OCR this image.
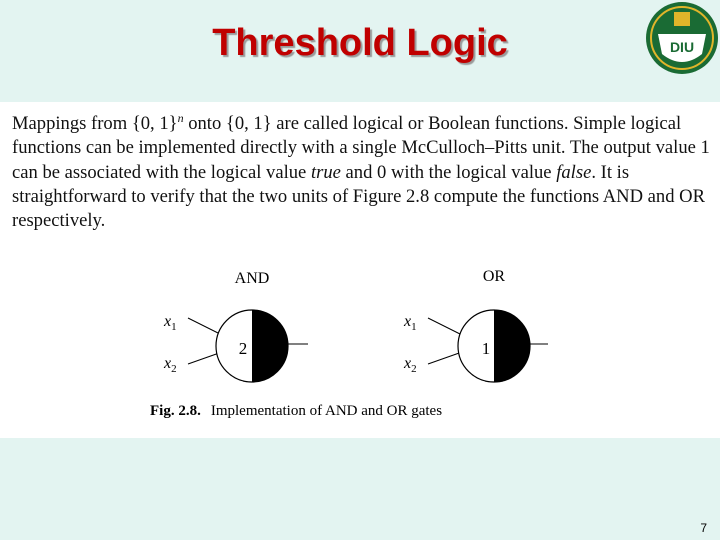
Threshold Logic	DIU

Mappings from {0, 1}$^n$ onto {0, 1} are called logical or Boolean functions. Simple logical functions can be implemented directly with a single McCulloch–Pitts unit. The output value 1 can be associated with the logical value true and 0 with the logical value false. It is straightforward to verify that the two units of Figure 2.8 compute the functions AND and OR respectively.

AND
2
$x_1$
$x_2$
OR
1
$x_1$
$x_2$
Fig. 2.8. Implementation of AND and OR gates
7
